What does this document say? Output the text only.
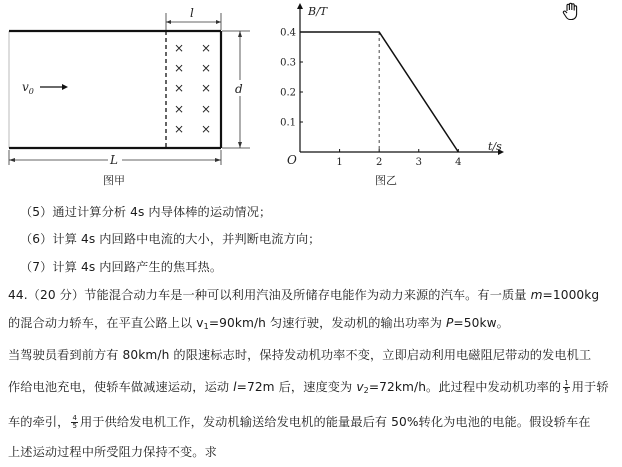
× ×
× ×
× ×
× ×
× ×
$v_0$
l
d
L
图甲
1	2	3	4
0.1
0.2
0.3
0.4
B/T
t/s
O
图乙
（5）通过计算分析 4s 内导体棒的运动情况；
（6）计算 4s 内回路中电流的大小，并判断电流方向；
（7）计算 4s 内回路产生的焦耳热。
44.（20 分）节能混合动力车是一种可以利用汽油及所储存电能作为动力来源的汽车。有一质量 m=1000kg
的混合动力轿车，在平直公路上以 $v_1=90km/h$ 匀速行驶，发动机的输出功率为 P=50kw。
当驾驶员看到前方有 80km/h 的限速标志时，保持发动机功率不变，立即启动利用电磁阻尼带动的发电机工
作给电池充电，使轿车做减速运动，运动 l=72m 后，速度变为 $v_2=72km/h$。此过程中发动机功率的 $\frac{1}{5}$ 用于轿
车的牵引， $\frac{4}{5}$ 用于供给发电机工作，发动机输送给发电机的能量最后有 50%转化为电池的电能。假设轿车在
上述运动过程中所受阻力保持不变。求
